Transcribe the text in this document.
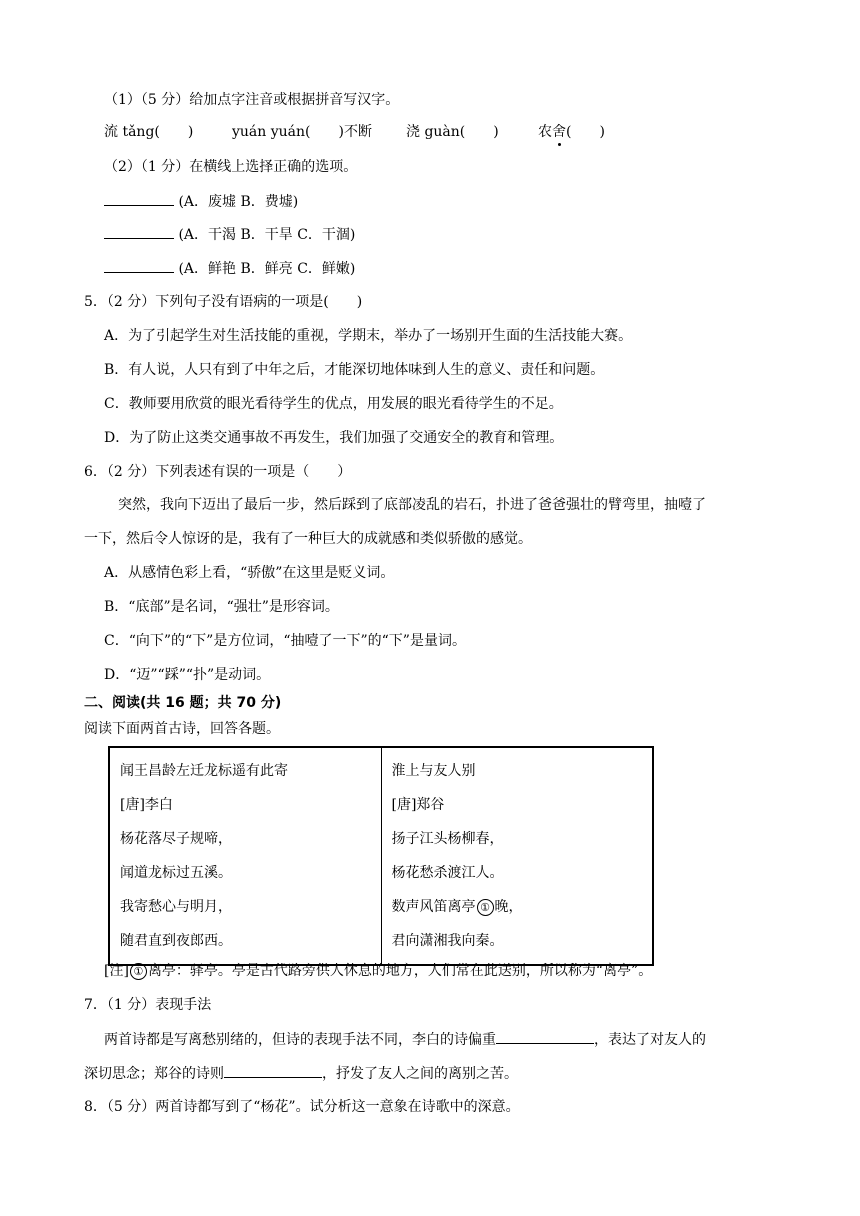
（1）（5 分）给加点字注音或根据拼音写汉字。
流 tǎng(　　)	yuán yuán(　　)不断 浇 guàn(　　)	农舍(　　)
（2）（1 分）在横线上选择正确的选项。
(A．废墟 B．费墟)
(A．干渴 B．干旱 C．干涸)
(A．鲜艳 B．鲜亮 C．鲜嫩)
5．（2 分）下列句子没有语病的一项是(　　)
A．为了引起学生对生活技能的重视，学期末，举办了一场别开生面的生活技能大赛。
B．有人说，人只有到了中年之后，才能深切地体味到人生的意义、责任和问题。
C．教师要用欣赏的眼光看待学生的优点，用发展的眼光看待学生的不足。
D．为了防止这类交通事故不再发生，我们加强了交通安全的教育和管理。
6．（2 分）下列表述有误的一项是（　　）
突然，我向下迈出了最后一步，然后踩到了底部凌乱的岩石，扑进了爸爸强壮的臂弯里，抽噎了
一下，然后令人惊讶的是，我有了一种巨大的成就感和类似骄傲的感觉。
A．从感情色彩上看，“骄傲”在这里是贬义词。
B．“底部”是名词，“强壮”是形容词。
C．“向下”的“下”是方位词，“抽噎了一下”的“下”是量词。
D．“迈”“踩”“扑”是动词。
二、阅读(共 16 题；共 70 分)
阅读下面两首古诗，回答各题。
闻王昌龄左迁龙标遥有此寄
[唐]李白
杨花落尽子规啼，
闻道龙标过五溪。
我寄愁心与明月，
随君直到夜郎西。

淮上与友人别
[唐]郑谷
扬子江头杨柳春，
杨花愁杀渡江人。
数声风笛离亭 ① 晚，
君向潇湘我向秦。
[注] ① 离亭：驿亭。亭是古代路旁供人休息的地方，人们常在此送别，所以称为“离亭”。
7．（1 分）表现手法
两首诗都是写离愁别绪的，但诗的表现手法不同，李白的诗偏重	，表达了对友人的
深切思念；郑谷的诗则	，抒发了友人之间的离别之苦。
8．（5 分）两首诗都写到了“杨花”。试分析这一意象在诗歌中的深意。
